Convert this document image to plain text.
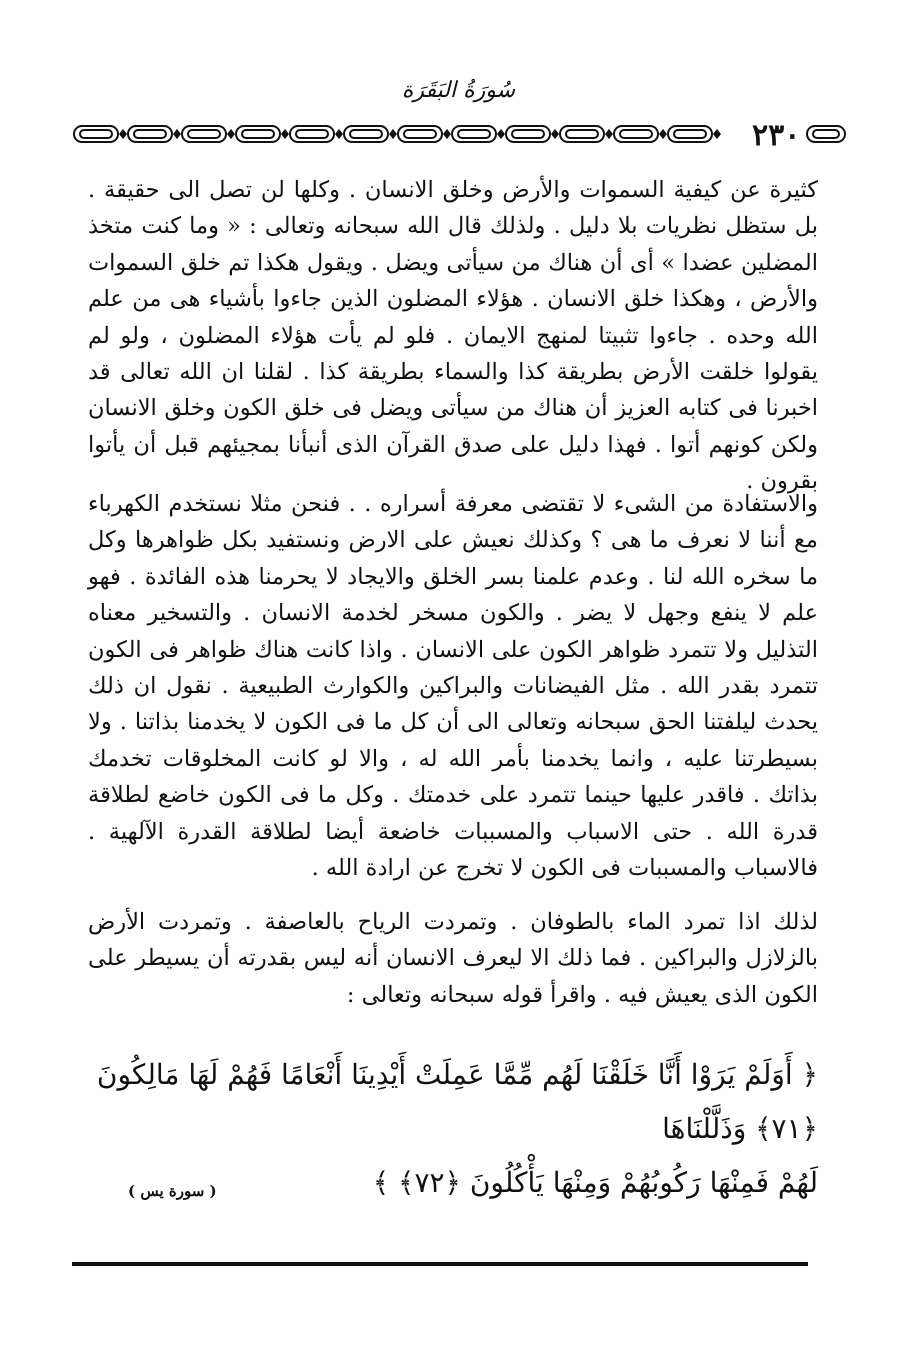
سُورَةُ البَقَرَة
٢٣٠

كثيرة عن كيفية السموات والأرض وخلق الانسان . وكلها لن تصل الى حقيقة . بل ستظل نظريات بلا دليل . ولذلك قال الله سبحانه وتعالى : « وما كنت متخذ المضلين عضدا » أى أن هناك من سيأتى ويضل . ويقول هكذا تم خلق السموات والأرض ، وهكذا خلق الانسان . هؤلاء المضلون الذين جاءوا بأشياء هى من علم الله وحده . جاءوا تثبيتا لمنهج الايمان . فلو لم يأت هؤلاء المضلون ، ولو لم يقولوا خلقت الأرض بطريقة كذا والسماء بطريقة كذا . لقلنا ان الله تعالى قد اخبرنا فى كتابه العزيز أن هناك من سيأتى ويضل فى خلق الكون وخلق الانسان ولكن كونهم أتوا . فهذا دليل على صدق القرآن الذى أنبأنا بمجيئهم قبل أن يأتوا بقرون .

والاستفادة من الشىء لا تقتضى معرفة أسراره . . فنحن مثلا نستخدم الكهرباء مع أننا لا نعرف ما هى ؟ وكذلك نعيش على الارض ونستفيد بكل ظواهرها وكل ما سخره الله لنا . وعدم علمنا بسر الخلق والايجاد لا يحرمنا هذه الفائدة . فهو علم لا ينفع وجهل لا يضر . والكون مسخر لخدمة الانسان . والتسخير معناه التذليل ولا تتمرد ظواهر الكون على الانسان . واذا كانت هناك ظواهر فى الكون تتمرد بقدر الله . مثل الفيضانات والبراكين والكوارث الطبيعية . نقول ان ذلك يحدث ليلفتنا الحق سبحانه وتعالى الى أن كل ما فى الكون لا يخدمنا بذاتنا . ولا بسيطرتنا عليه ، وانما يخدمنا بأمر الله له ، والا لو كانت المخلوقات تخدمك بذاتك . فاقدر عليها حينما تتمرد على خدمتك . وكل ما فى الكون خاضع لطلاقة قدرة الله . حتى الاسباب والمسببات خاضعة أيضا لطلاقة القدرة الآلهية . فالاسباب والمسببات فى الكون لا تخرج عن ارادة الله .

لذلك اذا تمرد الماء بالطوفان . وتمردت الرياح بالعاصفة . وتمردت الأرض بالزلازل والبراكين . فما ذلك الا ليعرف الانسان أنه ليس بقدرته أن يسيطر على الكون الذى يعيش فيه . واقرأ قوله سبحانه وتعالى :

﴿ أَوَلَمْ يَرَوْا أَنَّا خَلَقْنَا لَهُم مِّمَّا عَمِلَتْ أَيْدِينَا أَنْعَامًا فَهُمْ لَهَا مَالِكُونَ ﴿٧١﴾ وَذَلَّلْنَاهَا
لَهُمْ فَمِنْهَا رَكُوبُهُمْ وَمِنْهَا يَأْكُلُونَ ﴿٧٢﴾ ﴾
( سورة يس )
